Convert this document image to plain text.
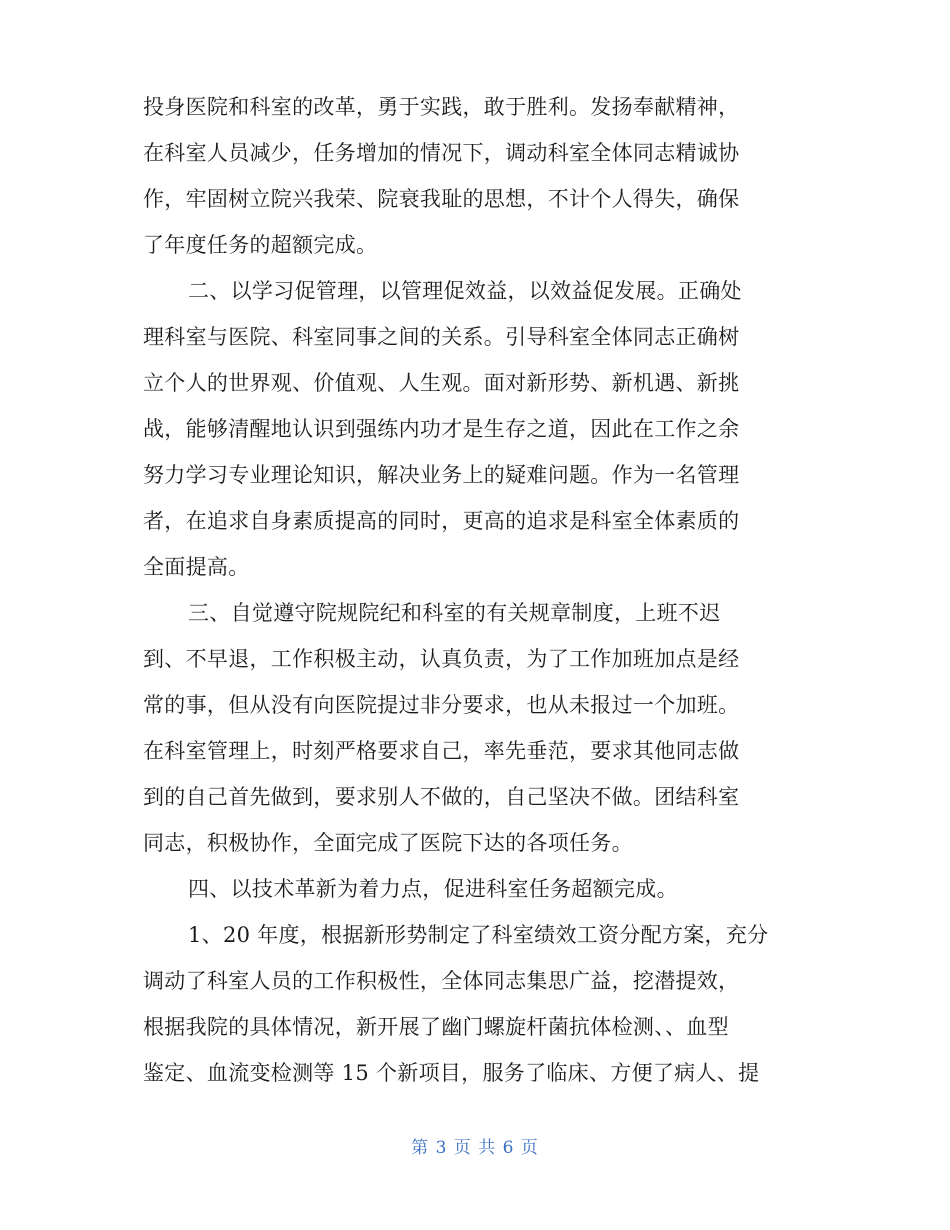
投身医院和科室的改革，勇于实践，敢于胜利。发扬奉献精神，
在科室人员减少，任务增加的情况下，调动科室全体同志精诚协
作，牢固树立院兴我荣、院衰我耻的思想，不计个人得失，确保
了年度任务的超额完成。
二、以学习促管理，以管理促效益，以效益促发展。正确处
理科室与医院、科室同事之间的关系。引导科室全体同志正确树
立个人的世界观、价值观、人生观。面对新形势、新机遇、新挑
战，能够清醒地认识到强练内功才是生存之道，因此在工作之余
努力学习专业理论知识，解决业务上的疑难问题。作为一名管理
者，在追求自身素质提高的同时，更高的追求是科室全体素质的
全面提高。
三、自觉遵守院规院纪和科室的有关规章制度，上班不迟
到、不早退，工作积极主动，认真负责，为了工作加班加点是经
常的事，但从没有向医院提过非分要求，也从未报过一个加班。
在科室管理上，时刻严格要求自己，率先垂范，要求其他同志做
到的自己首先做到，要求别人不做的，自己坚决不做。团结科室
同志，积极协作，全面完成了医院下达的各项任务。
四、以技术革新为着力点，促进科室任务超额完成。
1、20 年度，根据新形势制定了科室绩效工资分配方案，充分
调动了科室人员的工作积极性，全体同志集思广益，挖潜提效，
根据我院的具体情况，新开展了幽门螺旋杆菌抗体检测、、血型
鉴定、血流变检测等 15 个新项目，服务了临床、方便了病人、提
第 3 页 共 6 页
